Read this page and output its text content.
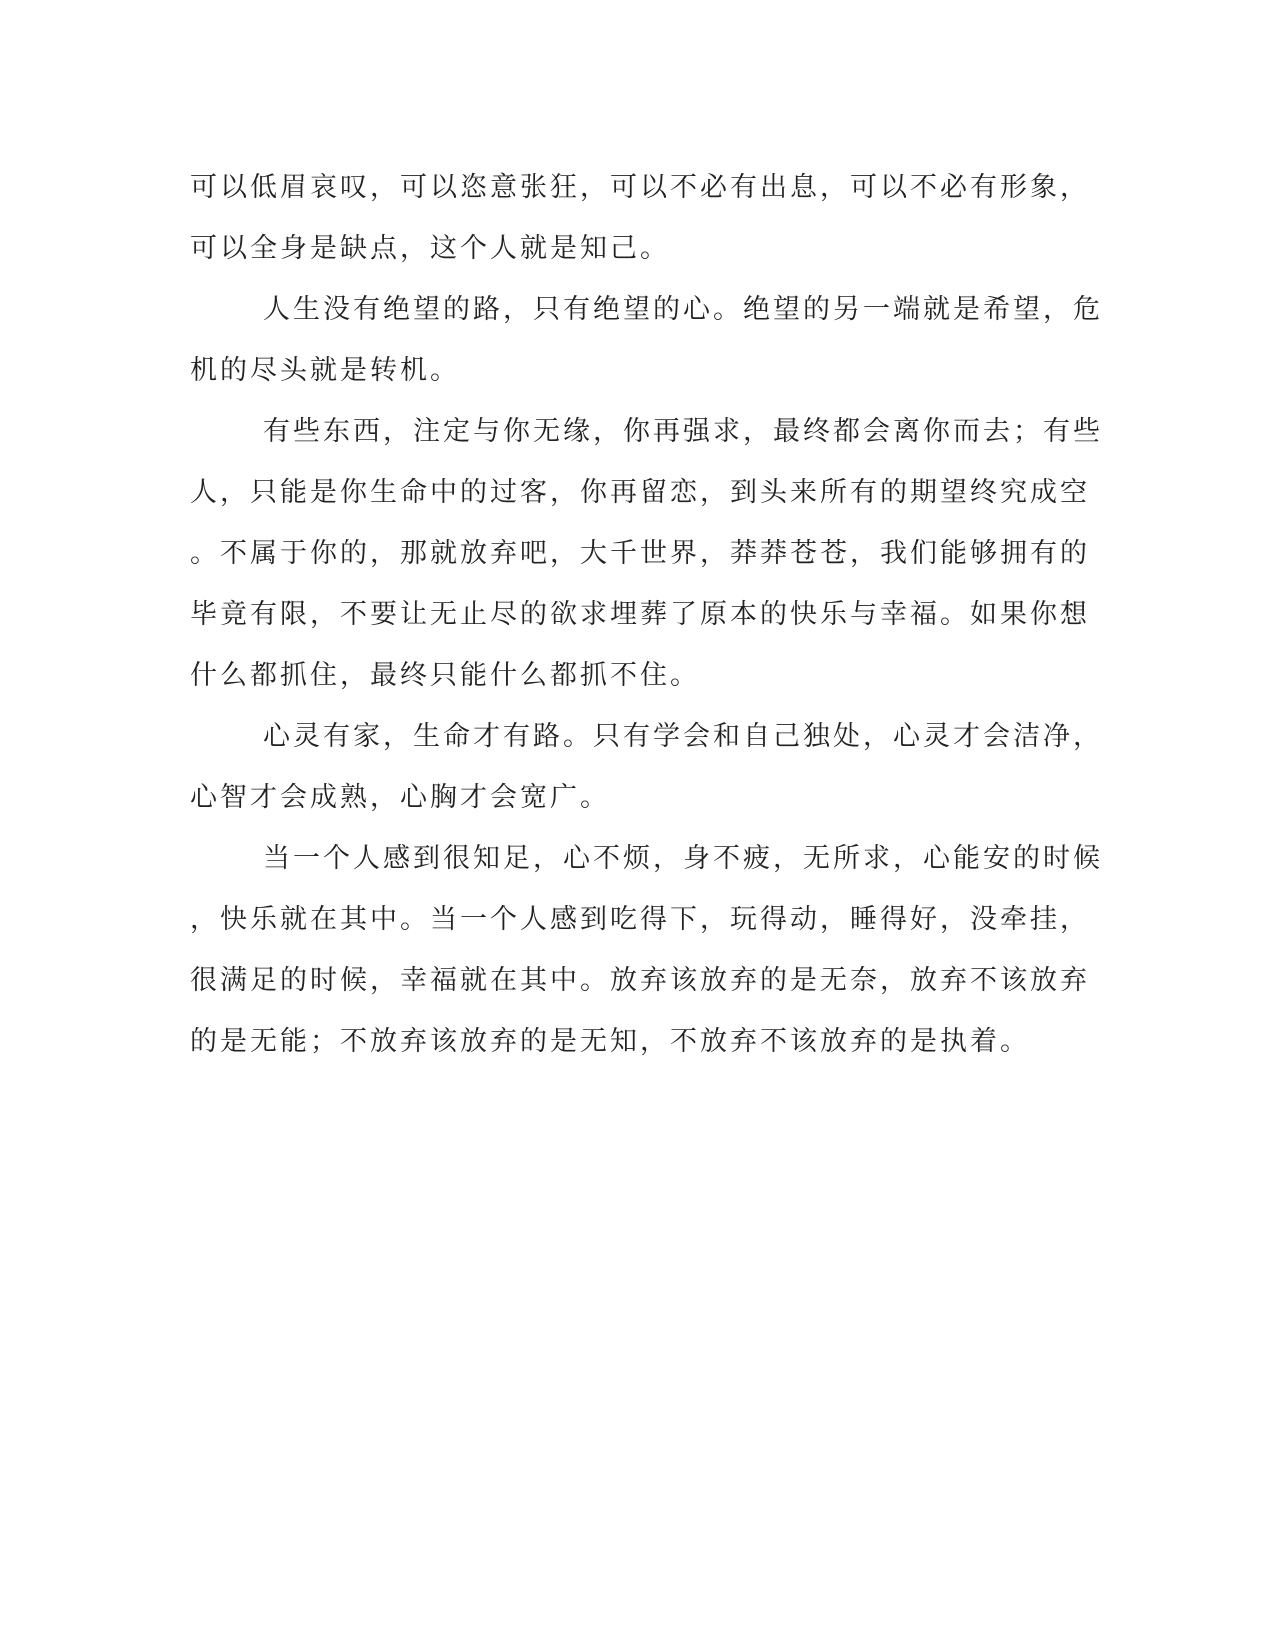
可以低眉哀叹，可以恣意张狂，可以不必有出息，可以不必有形象，
可以全身是缺点，这个人就是知己。

人生没有绝望的路，只有绝望的心。绝望的另一端就是希望，危
机的尽头就是转机。

有些东西，注定与你无缘，你再强求，最终都会离你而去；有些
人，只能是你生命中的过客，你再留恋，到头来所有的期望终究成空
。不属于你的，那就放弃吧，大千世界，莽莽苍苍，我们能够拥有的
毕竟有限，不要让无止尽的欲求埋葬了原本的快乐与幸福。如果你想
什么都抓住，最终只能什么都抓不住。

心灵有家，生命才有路。只有学会和自己独处，心灵才会洁净，
心智才会成熟，心胸才会宽广。

当一个人感到很知足，心不烦，身不疲，无所求，心能安的时候
，快乐就在其中。当一个人感到吃得下，玩得动，睡得好，没牵挂，
很满足的时候，幸福就在其中。放弃该放弃的是无奈，放弃不该放弃
的是无能；不放弃该放弃的是无知，不放弃不该放弃的是执着。
